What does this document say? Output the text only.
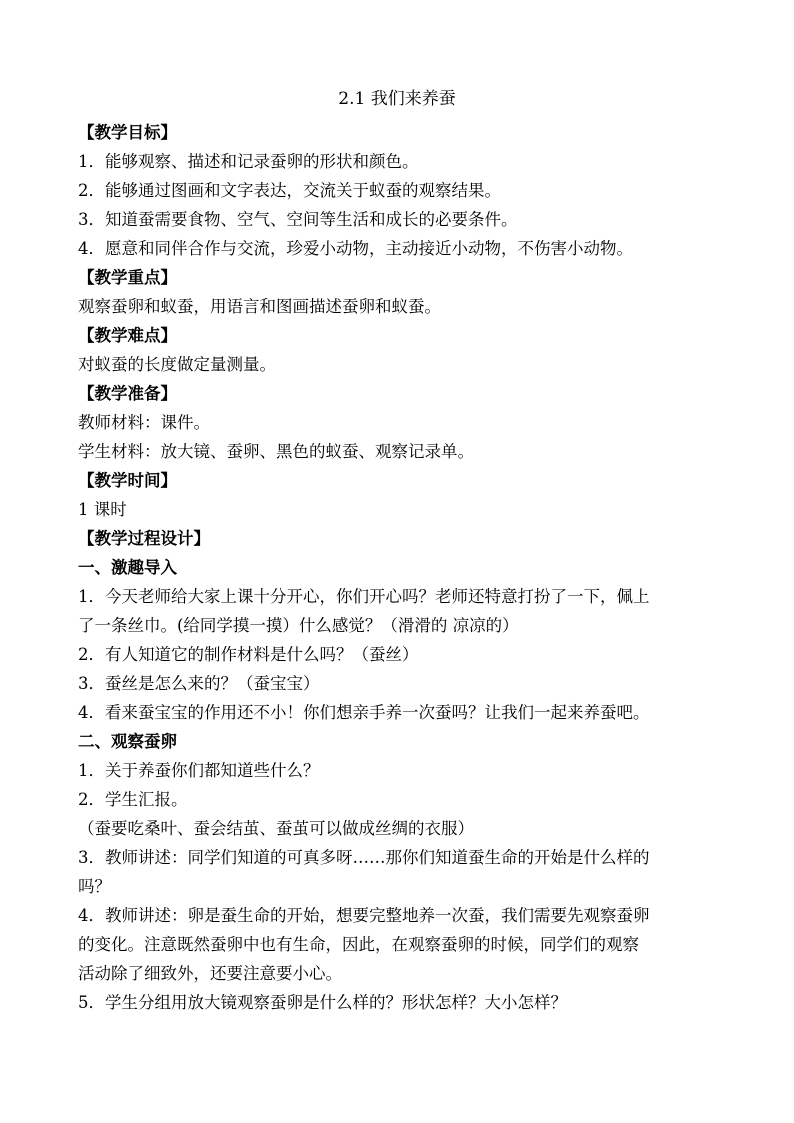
2.1 我们来养蚕

【教学目标】

1．能够观察、描述和记录蚕卵的形状和颜色。

2．能够通过图画和文字表达，交流关于蚁蚕的观察结果。

3．知道蚕需要食物、空气、空间等生活和成长的必要条件。

4．愿意和同伴合作与交流，珍爱小动物，主动接近小动物，不伤害小动物。

【教学重点】

观察蚕卵和蚁蚕，用语言和图画描述蚕卵和蚁蚕。

【教学难点】

对蚁蚕的长度做定量测量。

【教学准备】

教师材料：课件。

学生材料：放大镜、蚕卵、黑色的蚁蚕、观察记录单。

【教学时间】

1 课时

【教学过程设计】

一、激趣导入

1．今天老师给大家上课十分开心，你们开心吗？老师还特意打扮了一下，佩上

了一条丝巾。(给同学摸一摸）什么感觉？（滑滑的 凉凉的）

2．有人知道它的制作材料是什么吗？（蚕丝）

3．蚕丝是怎么来的？（蚕宝宝）

4．看来蚕宝宝的作用还不小！你们想亲手养一次蚕吗？让我们一起来养蚕吧。

二、观察蚕卵

1．关于养蚕你们都知道些什么？

2．学生汇报。

（蚕要吃桑叶、蚕会结茧、蚕茧可以做成丝绸的衣服）

3．教师讲述：同学们知道的可真多呀……那你们知道蚕生命的开始是什么样的

吗？

4．教师讲述：卵是蚕生命的开始，想要完整地养一次蚕，我们需要先观察蚕卵

的变化。注意既然蚕卵中也有生命，因此，在观察蚕卵的时候，同学们的观察

活动除了细致外，还要注意要小心。

5．学生分组用放大镜观察蚕卵是什么样的？形状怎样？大小怎样？
